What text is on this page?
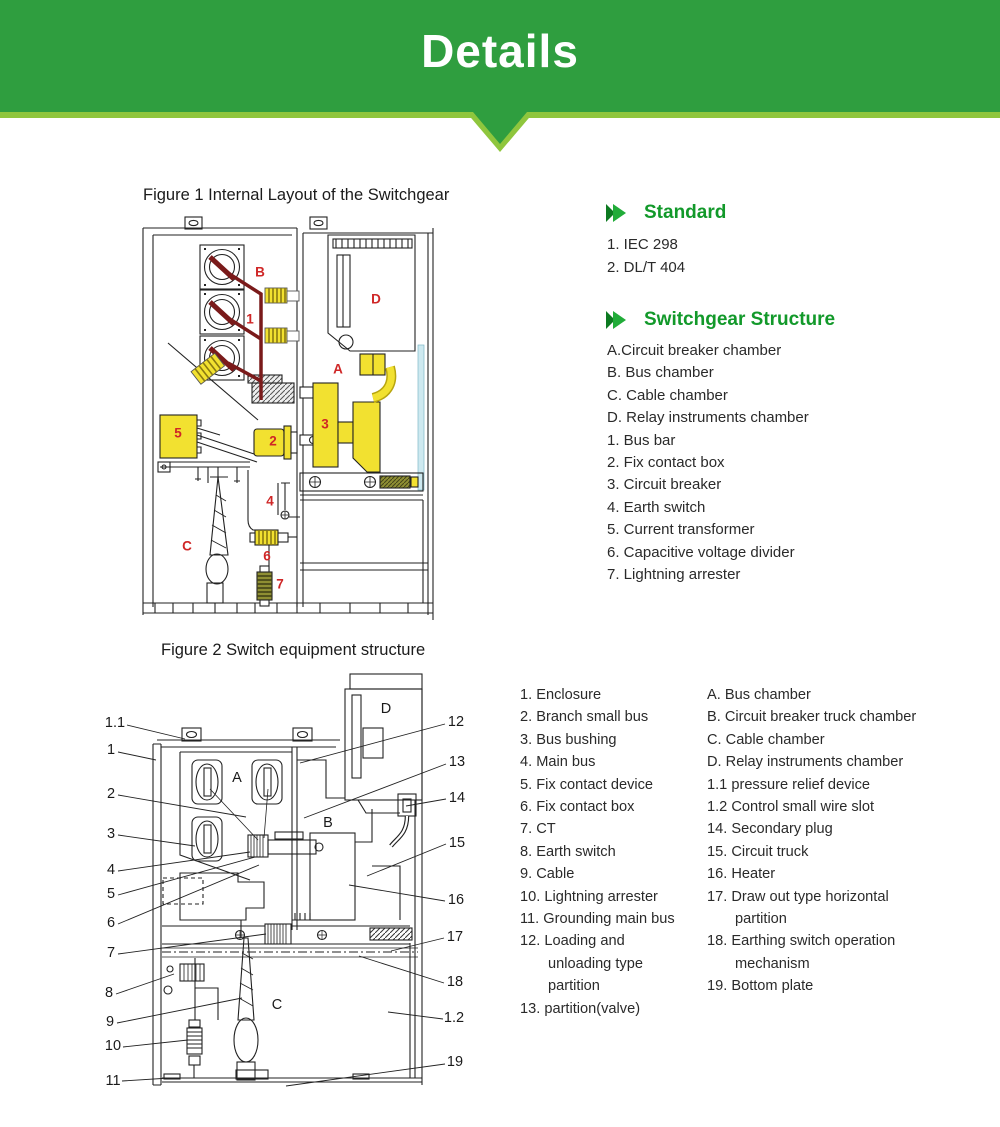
Details
Figure 1 Internal Layout of the Switchgear
B
1
D
A
5
2
3
4
C
6
7
Figure 2 Switch equipment structure
1.1
1
2
3
4
5
6
7
8
9
10
11
A
B
C
D
12
13
14
15
16
17
18
1.2
19
Standard
1. IEC 298
2. DL/T 404
Switchgear Structure
A.Circuit breaker chamber
B. Bus chamber
C. Cable chamber
D. Relay instruments chamber
1. Bus bar
2. Fix contact box
3. Circuit breaker
4. Earth switch
5. Current transformer
6. Capacitive voltage divider
7. Lightning arrester
1. Enclosure
2. Branch small bus
3. Bus bushing
4. Main bus
5. Fix contact device
6. Fix contact box
7. CT
8. Earth switch
9. Cable
10. Lightning arrester
11. Grounding main bus
12. Loading and
unloading type
partition
13. partition(valve)
A. Bus chamber
B. Circuit breaker truck chamber
C. Cable chamber
D. Relay instruments chamber
1.1 pressure relief device
1.2 Control small wire slot
14. Secondary plug
15. Circuit truck
16. Heater
17. Draw out type horizontal
partition
18. Earthing switch operation
mechanism
19. Bottom plate
